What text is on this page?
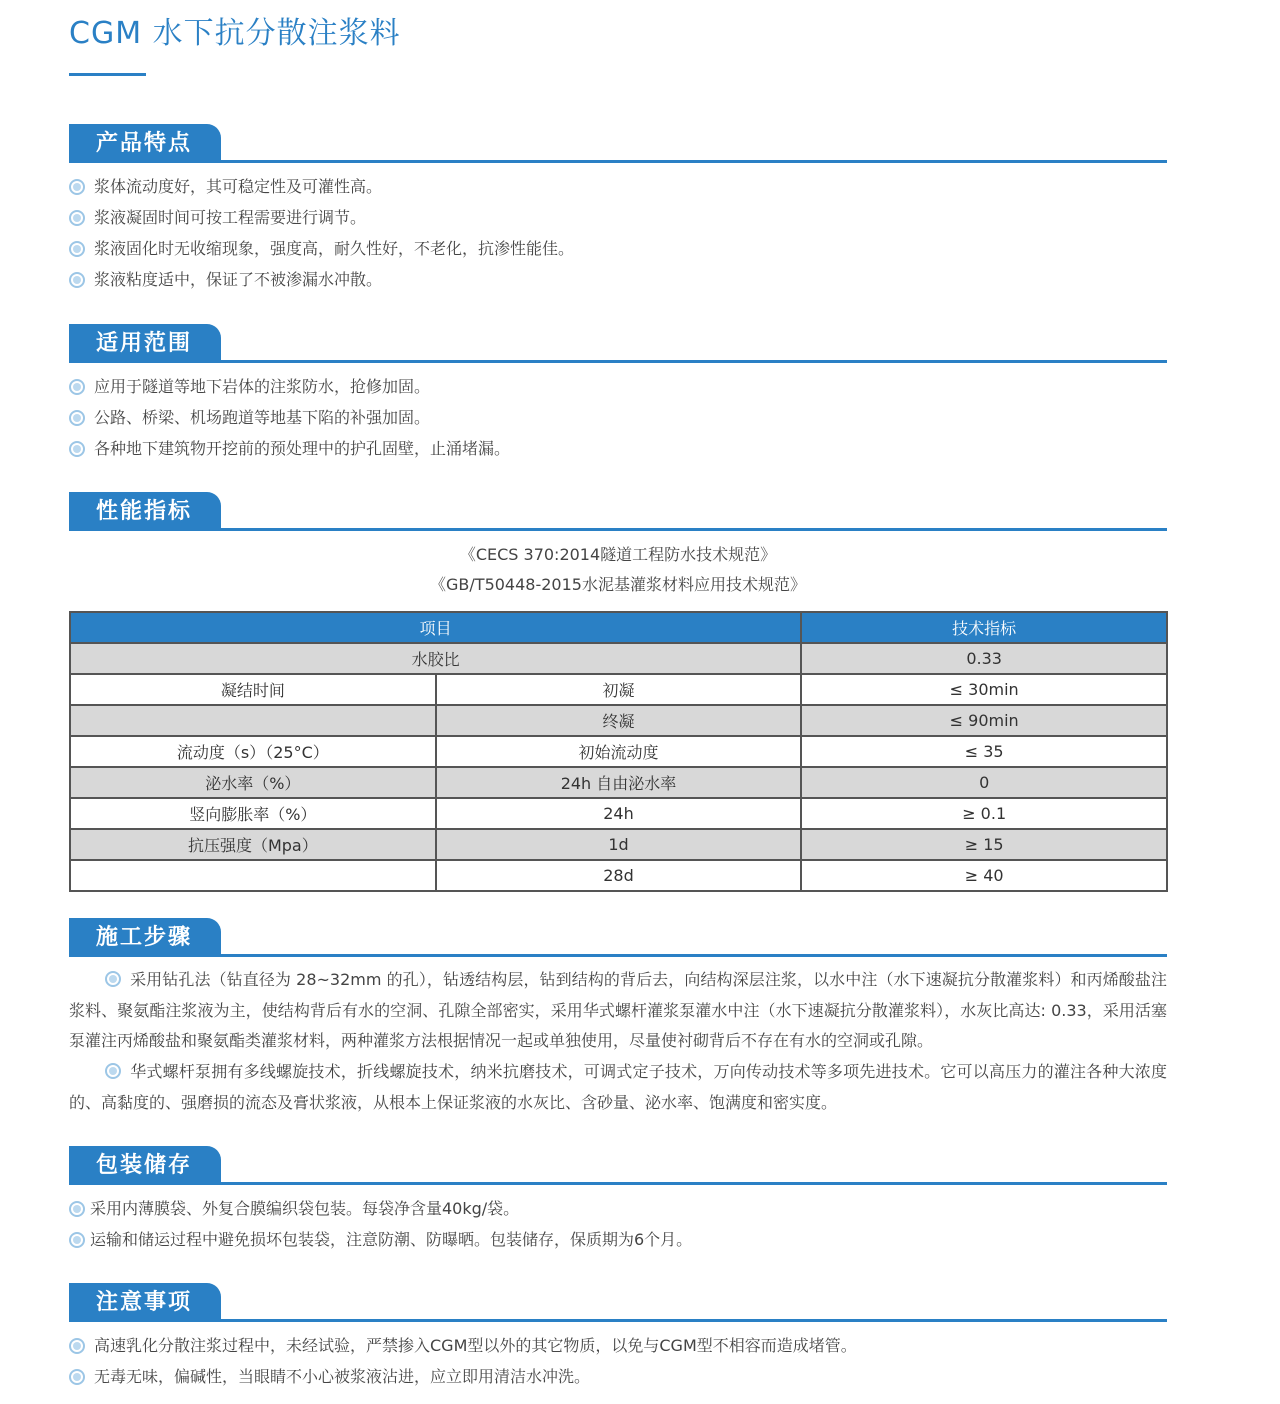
CGM 水下抗分散注浆料
产品特点
浆体流动度好，其可稳定性及可灌性高。
浆液凝固时间可按工程需要进行调节。
浆液固化时无收缩现象，强度高，耐久性好，不老化，抗渗性能佳。
浆液粘度适中，保证了不被渗漏水冲散。
适用范围
应用于隧道等地下岩体的注浆防水，抢修加固。
公路、桥梁、机场跑道等地基下陷的补强加固。
各种地下建筑物开挖前的预处理中的护孔固壁，止涌堵漏。
性能指标
《CECS 370:2014隧道工程防水技术规范》
《GB/T50448-2015水泥基灌浆材料应用技术规范》
项目		技术指标
水胶比		0.33
凝结时间	初凝	≤ 30min
	终凝	≤ 90min
流动度（s）（25°C）	初始流动度	≤ 35
泌水率（%）	24h 自由泌水率	0
竖向膨胀率（%）	24h	≥ 0.1
抗压强度（Mpa）	1d	≥ 15
	28d	≥ 40
施工步骤

采用钻孔法（钻直径为 28~32mm 的孔），钻透结构层，钻到结构的背后去，向结构深层注浆，以水中注（水下速凝抗分散灌浆料）和丙烯酸盐注浆料、聚氨酯注浆液为主，使结构背后有水的空洞、孔隙全部密实，采用华式螺杆灌浆泵灌水中注（水下速凝抗分散灌浆料），水灰比高达: 0.33，采用活塞泵灌注丙烯酸盐和聚氨酯类灌浆材料，两种灌浆方法根据情况一起或单独使用，尽量使衬砌背后不存在有水的空洞或孔隙。

华式螺杆泵拥有多线螺旋技术，折线螺旋技术，纳米抗磨技术，可调式定子技术，万向传动技术等多项先进技术。它可以高压力的灌注各种大浓度的、高黏度的、强磨损的流态及膏状浆液，从根本上保证浆液的水灰比、含砂量、泌水率、饱满度和密实度。

包装储存
采用内薄膜袋、外复合膜编织袋包装。每袋净含量40kg/袋。
运输和储运过程中避免损坏包装袋，注意防潮、防曝晒。包装储存，保质期为6个月。
注意事项
高速乳化分散注浆过程中，未经试验，严禁掺入CGM型以外的其它物质，以免与CGM型不相容而造成堵管。
无毒无味，偏碱性，当眼睛不小心被浆液沾进，应立即用清洁水冲洗。
